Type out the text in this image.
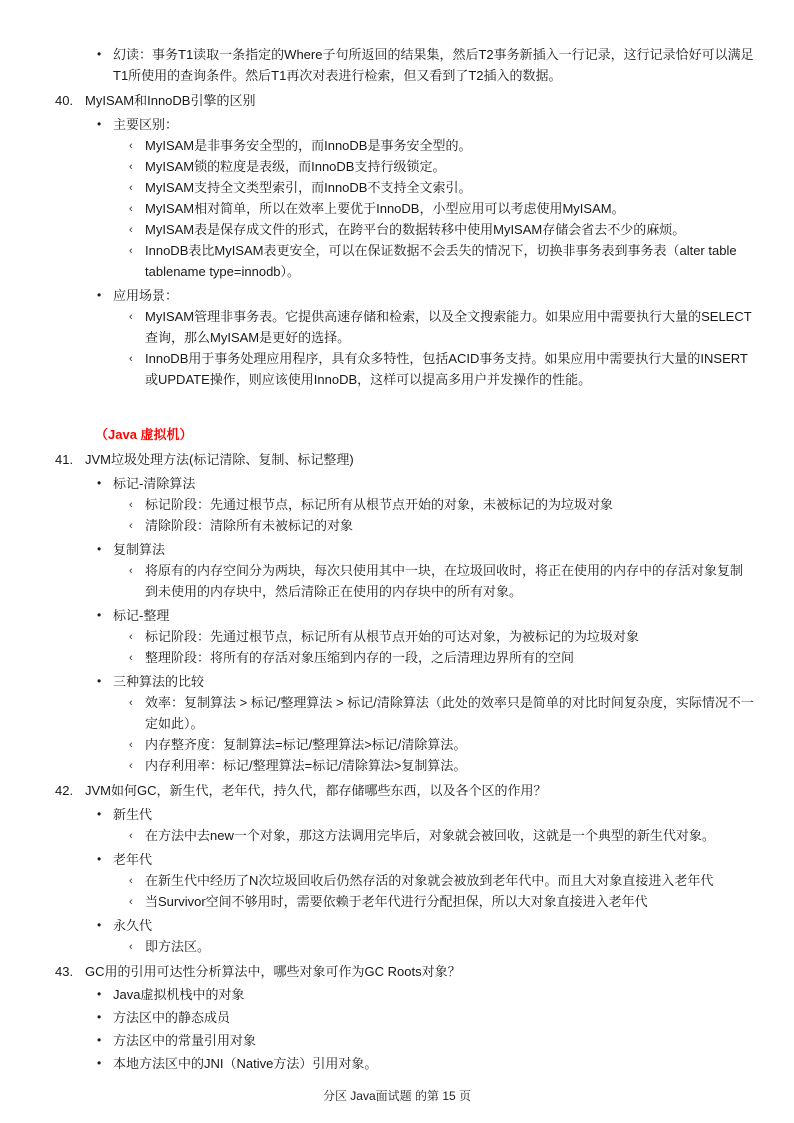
• 幻读：事务T1读取一条指定的Where子句所返回的结果集，然后T2事务新插入一行记录，这行记录恰好可以满足T1所使用的查询条件。然后T1再次对表进行检索，但又看到了T2插入的数据。
40. MyISAM和InnoDB引擎的区别
• 主要区别：
‹ MyISAM是非事务安全型的，而InnoDB是事务安全型的。
‹ MyISAM锁的粒度是表级，而InnoDB支持行级锁定。
‹ MyISAM支持全文类型索引，而InnoDB不支持全文索引。
‹ MyISAM相对简单，所以在效率上要优于InnoDB，小型应用可以考虑使用MyISAM。
‹ MyISAM表是保存成文件的形式，在跨平台的数据转移中使用MyISAM存储会省去不少的麻烦。
‹ InnoDB表比MyISAM表更安全，可以在保证数据不会丢失的情况下，切换非事务表到事务表（alter table tablename type=innodb）。
• 应用场景：
‹ MyISAM管理非事务表。它提供高速存储和检索，以及全文搜索能力。如果应用中需要执行大量的SELECT查询，那么MyISAM是更好的选择。
‹ InnoDB用于事务处理应用程序，具有众多特性，包括ACID事务支持。如果应用中需要执行大量的INSERT或UPDATE操作，则应该使用InnoDB，这样可以提高多用户并发操作的性能。
（Java 虚拟机）
41. JVM垃圾处理方法(标记清除、复制、标记整理)
• 标记-清除算法
‹ 标记阶段：先通过根节点，标记所有从根节点开始的对象，未被标记的为垃圾对象
‹ 清除阶段：清除所有未被标记的对象
• 复制算法
‹ 将原有的内存空间分为两块，每次只使用其中一块，在垃圾回收时，将正在使用的内存中的存活对象复制到未使用的内存块中，然后清除正在使用的内存块中的所有对象。
• 标记-整理
‹ 标记阶段：先通过根节点，标记所有从根节点开始的可达对象，为被标记的为垃圾对象
‹ 整理阶段：将所有的存活对象压缩到内存的一段，之后清理边界所有的空间
• 三种算法的比较
‹ 效率：复制算法 > 标记/整理算法 > 标记/清除算法（此处的效率只是简单的对比时间复杂度，实际情况不一定如此）。
‹ 内存整齐度：复制算法=标记/整理算法>标记/清除算法。
‹ 内存利用率：标记/整理算法=标记/清除算法>复制算法。
42. JVM如何GC，新生代，老年代，持久代，都存储哪些东西，以及各个区的作用？
• 新生代
‹ 在方法中去new一个对象，那这方法调用完毕后，对象就会被回收，这就是一个典型的新生代对象。
• 老年代
‹ 在新生代中经历了N次垃圾回收后仍然存活的对象就会被放到老年代中。而且大对象直接进入老年代
‹ 当Survivor空间不够用时，需要依赖于老年代进行分配担保，所以大对象直接进入老年代
• 永久代
‹ 即方法区。
43. GC用的引用可达性分析算法中，哪些对象可作为GC Roots对象？
• Java虚拟机栈中的对象
• 方法区中的静态成员
• 方法区中的常量引用对象
• 本地方法区中的JNI（Native方法）引用对象。
分区 Java面试题 的第 15 页
